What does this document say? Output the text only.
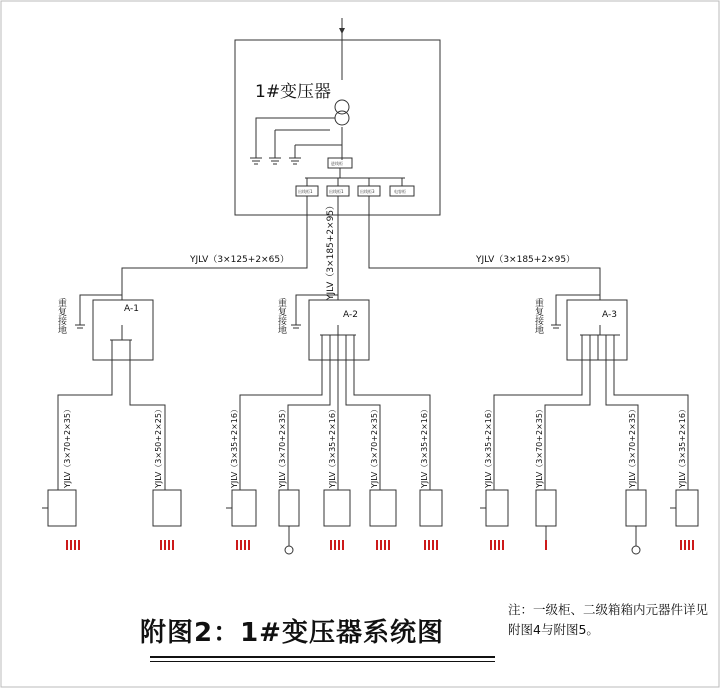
1#变压器
进线柜
出线柜1	出线柜1	出线柜3	电容柜
YJLV（3×125+2×65）	YJLV（3×185+2×95）
YJLV（3×185+2×95）
A-1
A-2	A-3
重复接地	重复接地	重复接地
YJLV（3×70+2×35）	YJLV（3×50+2×25）	YJLV（3×35+2×16）	YJLV（3×70+2×35）	YJLV（3×35+2×16）	YJLV（3×70+2×35）	YJLV（3×35+2×16）	YJLV（3×35+2×16）	YJLV（3×70+2×35）	YJLV（3×70+2×35）	YJLV（3×35+2×16）
附图2：1#变压器系统图
注：一级柜、二级箱箱内元器件详见附图4与附图5。
